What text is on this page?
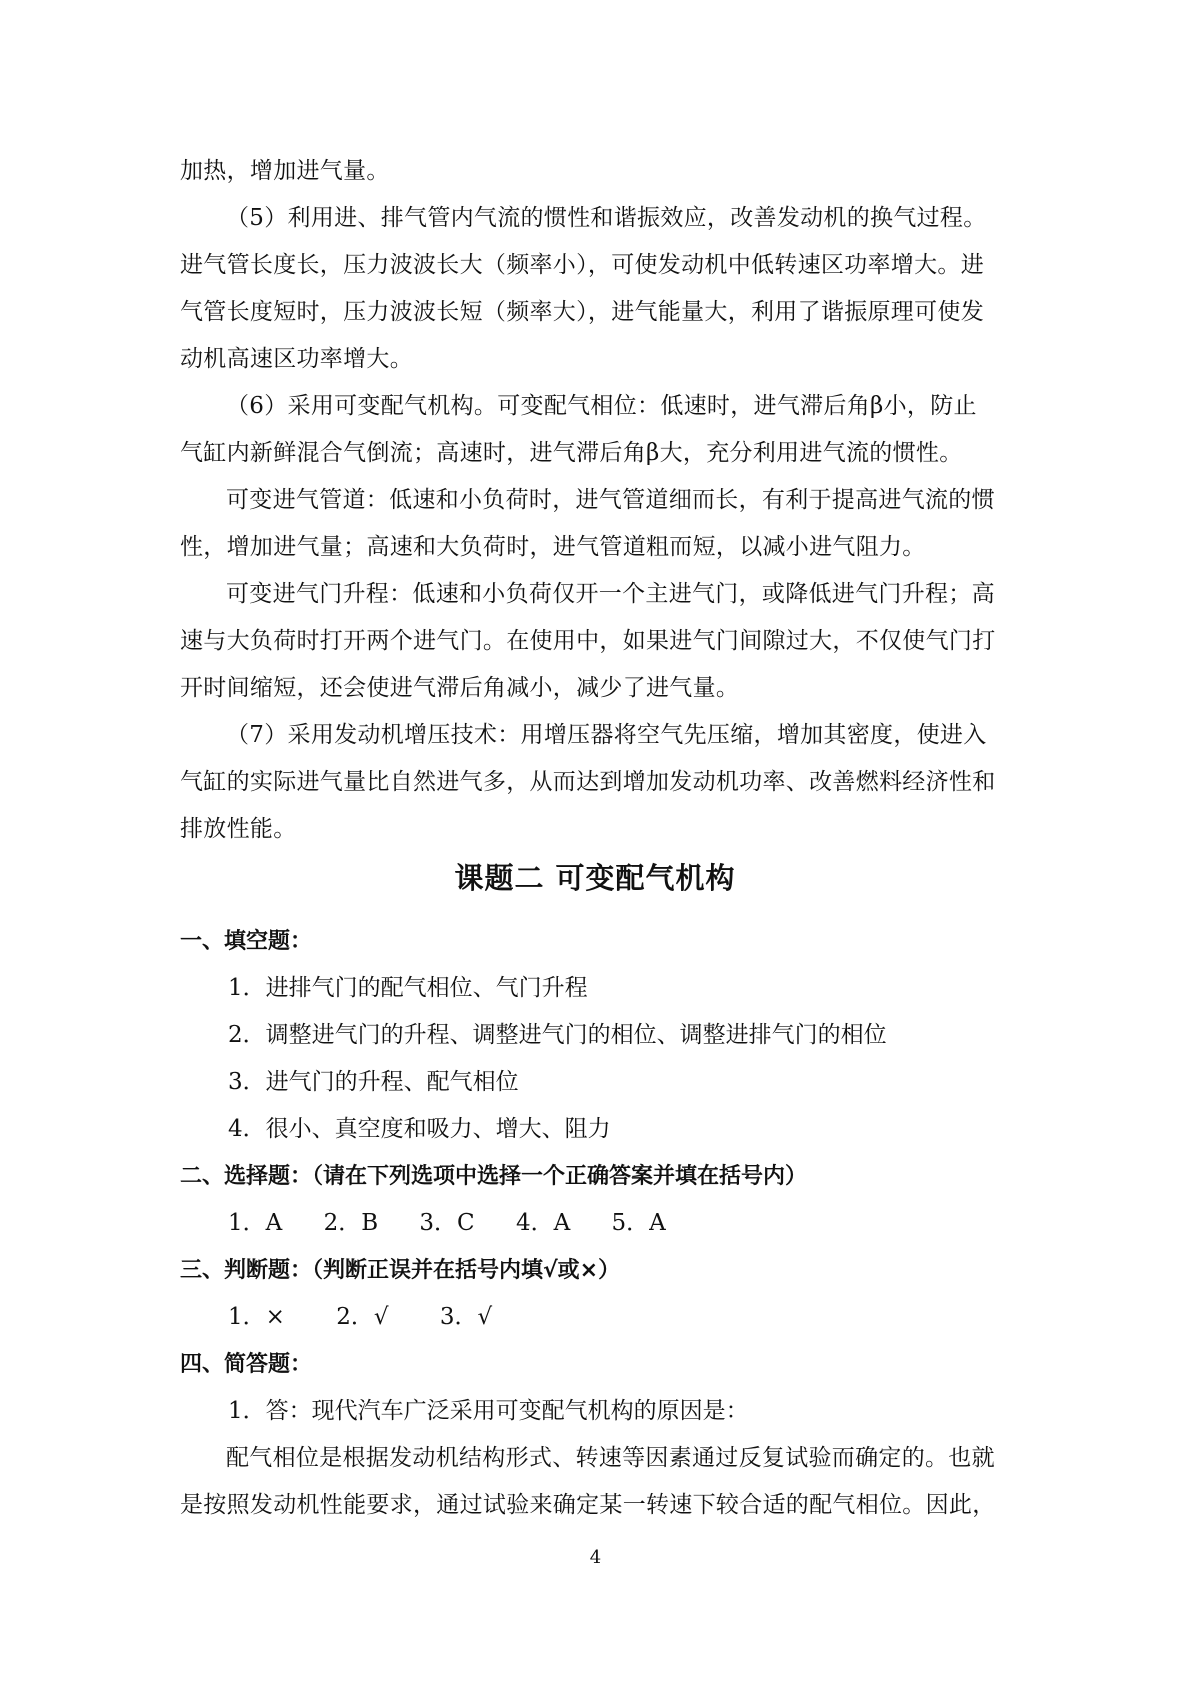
加热，增加进气量。
（5）利用进、排气管内气流的惯性和谐振效应，改善发动机的换气过程。
进气管长度长，压力波波长大（频率小），可使发动机中低转速区功率增大。进
气管长度短时，压力波波长短（频率大），进气能量大，利用了谐振原理可使发
动机高速区功率增大。
（6）采用可变配气机构。可变配气相位：低速时，进气滞后角β小，防止
气缸内新鲜混合气倒流；高速时，进气滞后角β大，充分利用进气流的惯性。
可变进气管道：低速和小负荷时，进气管道细而长，有利于提高进气流的惯
性，增加进气量；高速和大负荷时，进气管道粗而短，以减小进气阻力。
可变进气门升程：低速和小负荷仅开一个主进气门，或降低进气门升程；高
速与大负荷时打开两个进气门。在使用中，如果进气门间隙过大，不仅使气门打
开时间缩短，还会使进气滞后角减小，减少了进气量。
（7）采用发动机增压技术：用增压器将空气先压缩，增加其密度，使进入
气缸的实际进气量比自然进气多，从而达到增加发动机功率、改善燃料经济性和
排放性能。
课题二 可变配气机构
一、填空题：
1．进排气门的配气相位、气门升程
2．调整进气门的升程、调整进气门的相位、调整进排气门的相位
3．进气门的升程、配气相位
4．很小、真空度和吸力、增大、阻力
二、选择题：（请在下列选项中选择一个正确答案并填在括号内）
1．A 2．B 3．C 4．A 5．A
三、判断题：（判断正误并在括号内填√或×）
1．× 2．√ 3．√
四、简答题：
1．答：现代汽车广泛采用可变配气机构的原因是：
配气相位是根据发动机结构形式、转速等因素通过反复试验而确定的。也就
是按照发动机性能要求，通过试验来确定某一转速下较合适的配气相位。因此，
4
